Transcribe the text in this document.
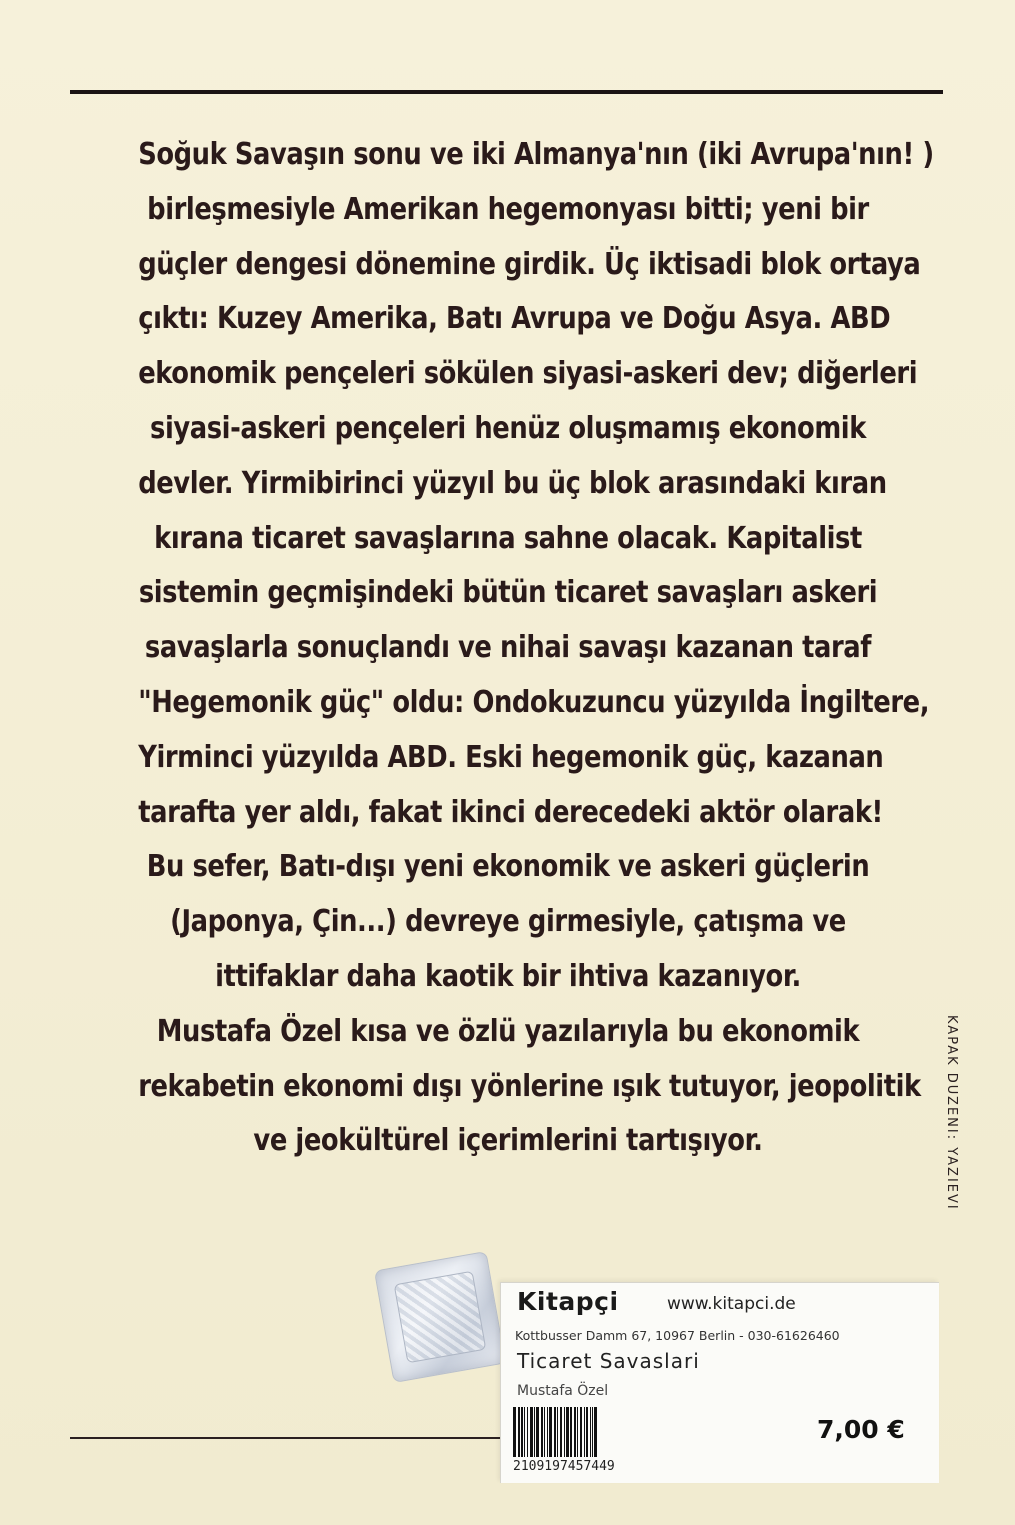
Soğuk Savaşın sonu ve iki Almanya'nın (iki Avrupa'nın! )
birleşmesiyle Amerikan hegemonyası bitti; yeni bir
güçler dengesi dönemine girdik. Üç iktisadi blok ortaya
çıktı: Kuzey Amerika, Batı Avrupa ve Doğu Asya. ABD
ekonomik pençeleri sökülen siyasi-askeri dev; diğerleri
siyasi-askeri pençeleri henüz oluşmamış ekonomik
devler. Yirmibirinci yüzyıl bu üç blok arasındaki kıran
kırana ticaret savaşlarına sahne olacak. Kapitalist
sistemin geçmişindeki bütün ticaret savaşları askeri
savaşlarla sonuçlandı ve nihai savaşı kazanan taraf
"Hegemonik güç" oldu: Ondokuzuncu yüzyılda İngiltere,
Yirminci yüzyılda ABD. Eski hegemonik güç, kazanan
tarafta yer aldı, fakat ikinci derecedeki aktör olarak!
Bu sefer, Batı-dışı yeni ekonomik ve askeri güçlerin
(Japonya, Çin...) devreye girmesiyle, çatışma ve
ittifaklar daha kaotik bir ihtiva kazanıyor.
Mustafa Özel kısa ve özlü yazılarıyla bu ekonomik
rekabetin ekonomi dışı yönlerine ışık tutuyor, jeopolitik
ve jeokültürel içerimlerini tartışıyor.	KAPAK DÜZENİ: YAZIEVİ
Kitapçi	www.kitapci.de
Kottbusser Damm 67, 10967 Berlin - 030-61626460
Ticaret Savaslari
Mustafa Özel
2109197457449
7,00 €
